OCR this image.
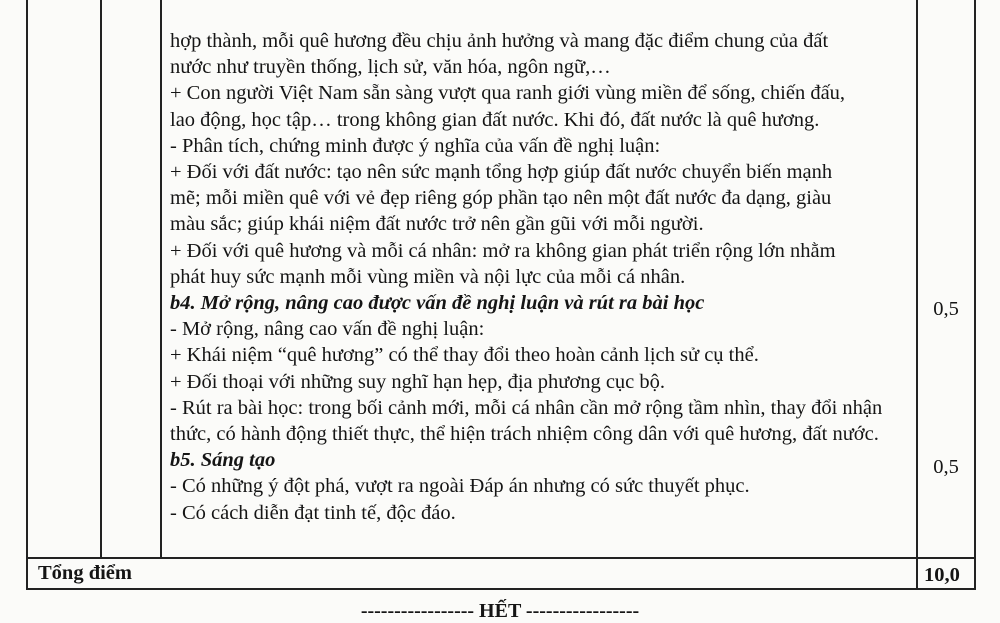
hợp thành, mỗi quê hương đều chịu ảnh hưởng và mang đặc điểm chung của đất
nước như truyền thống, lịch sử, văn hóa, ngôn ngữ,…
+ Con người Việt Nam sẵn sàng vượt qua ranh giới vùng miền để sống, chiến đấu,
lao động, học tập… trong không gian đất nước. Khi đó, đất nước là quê hương.
- Phân tích, chứng minh được ý nghĩa của vấn đề nghị luận:
+ Đối với đất nước: tạo nên sức mạnh tổng hợp giúp đất nước chuyển biến mạnh
mẽ; mỗi miền quê với vẻ đẹp riêng góp phần tạo nên một đất nước đa dạng, giàu
màu sắc; giúp khái niệm đất nước trở nên gần gũi với mỗi người.
+ Đối với quê hương và mỗi cá nhân: mở ra không gian phát triển rộng lớn nhằm
phát huy sức mạnh mỗi vùng miền và nội lực của mỗi cá nhân.
b4. Mở rộng, nâng cao được vấn đề nghị luận và rút ra bài học
- Mở rộng, nâng cao vấn đề nghị luận:
+ Khái niệm “quê hương” có thể thay đổi theo hoàn cảnh lịch sử cụ thể.
+ Đối thoại với những suy nghĩ hạn hẹp, địa phương cục bộ.
- Rút ra bài học: trong bối cảnh mới, mỗi cá nhân cần mở rộng tầm nhìn, thay đổi nhận
thức, có hành động thiết thực, thể hiện trách nhiệm công dân với quê hương, đất nước.
b5. Sáng tạo
- Có những ý đột phá, vượt ra ngoài Đáp án nhưng có sức thuyết phục.
- Có cách diễn đạt tinh tế, độc đáo.
0,5
0,5
Tổng điểm	10,0
----------------- HẾT -----------------
